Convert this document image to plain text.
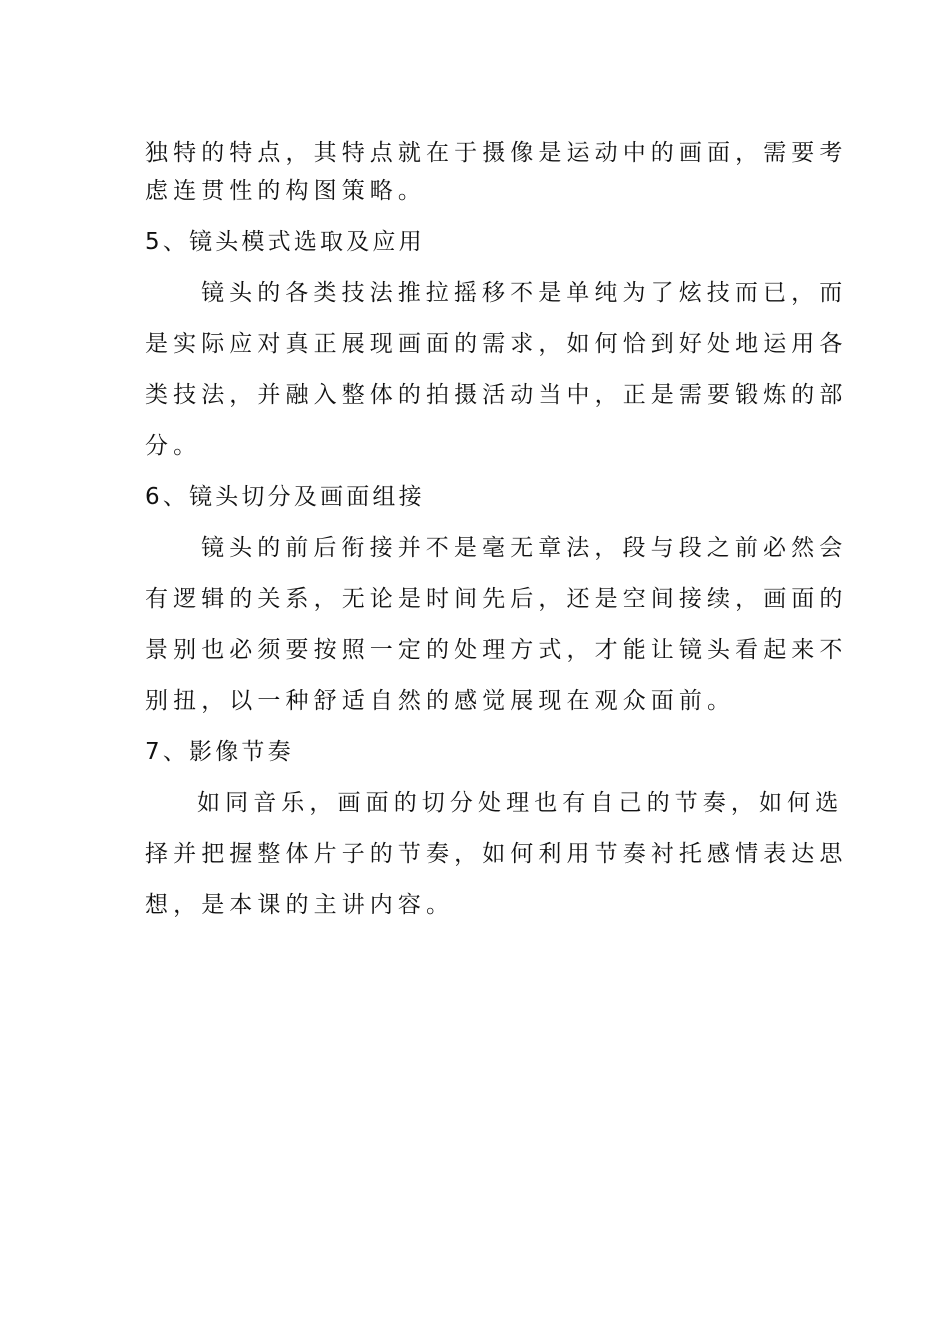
独特的特点，其特点就在于摄像是运动中的画面，需要考

虑连贯性的构图策略。

5、镜头模式选取及应用

镜头的各类技法推拉摇移不是单纯为了炫技而已，而

是实际应对真正展现画面的需求，如何恰到好处地运用各

类技法，并融入整体的拍摄活动当中，正是需要锻炼的部

分。

6、镜头切分及画面组接

镜头的前后衔接并不是毫无章法，段与段之前必然会

有逻辑的关系，无论是时间先后，还是空间接续，画面的

景别也必须要按照一定的处理方式，才能让镜头看起来不

别扭，以一种舒适自然的感觉展现在观众面前。

7、影像节奏

如同音乐，画面的切分处理也有自己的节奏，如何选

择并把握整体片子的节奏，如何利用节奏衬托感情表达思

想，是本课的主讲内容。
